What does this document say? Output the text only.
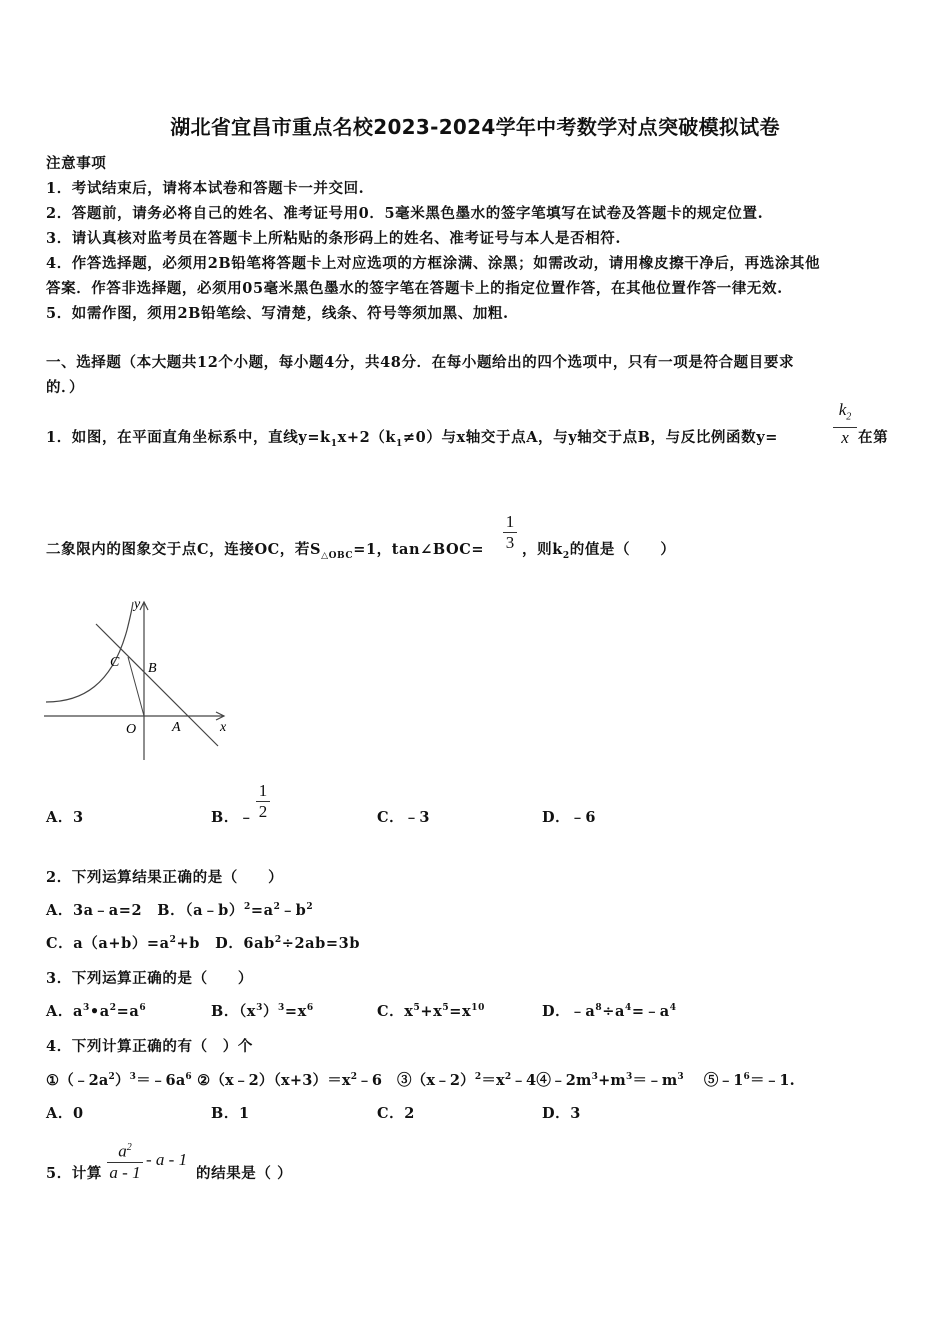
湖北省宜昌市重点名校2023-2024学年中考数学对点突破模拟试卷
注意事项
1．考试结束后，请将本试卷和答题卡一并交回.
2．答题前，请务必将自己的姓名、准考证号用0．5毫米黑色墨水的签字笔填写在试卷及答题卡的规定位置.
3．请认真核对监考员在答题卡上所粘贴的条形码上的姓名、准考证号与本人是否相符.
4．作答选择题，必须用2B铅笔将答题卡上对应选项的方框涂满、涂黑；如需改动，请用橡皮擦干净后，再选涂其他
答案．作答非选择题，必须用05毫米黑色墨水的签字笔在答题卡上的指定位置作答，在其他位置作答一律无效.
5．如需作图，须用2B铅笔绘、写清楚，线条、符号等须加黑、加粗.
一、选择题（本大题共12个小题，每小题4分，共48分．在每小题给出的四个选项中，只有一项是符合题目要求
的．）
1．如图，在平面直角坐标系中，直线$y=k_1x+2(k_1\ne 0)$与x轴交于点A，与y轴交于点B，与反比例函数y=
$k_2$
x 在第
二象限内的图象交于点C，连接OC，若$S_{\triangle OBC}=1$，tan∠BOC=
1
3 ，则$k_2$的值是（　　）
y
x
C B
O	A
A．3	B．﹣
1
2	C．﹣3	D．﹣6
2．下列运算结果正确的是（　　）
A．3a﹣a=2　 B．$(a﹣b)^2=a^2﹣b^2$
C．$a(a+b)=a^2+b$　 D．$6ab^2\div 2ab=3b$
3．下列运算正确的是（　　）
A．$a^3•a^2=a^6$	B．$(x^3)^3=x^6$	C．$x^5+x^5=x^{10}$	D．$﹣a^8\div a^4=﹣a^4$
4．下列计算正确的有（　）个
$①(﹣2a^2)^3=﹣6a^6$ $②(x﹣2)(x+3)=x^2﹣6$　 $③(x﹣2)^2=x^2﹣4④﹣2m^3+m^3=﹣m^3$　 $⑤﹣1^6=﹣1$.
A．0	B．1	C．2	D．3
5．计算
$a^2$
a - 1
- a - 1
的结果是（ ）
